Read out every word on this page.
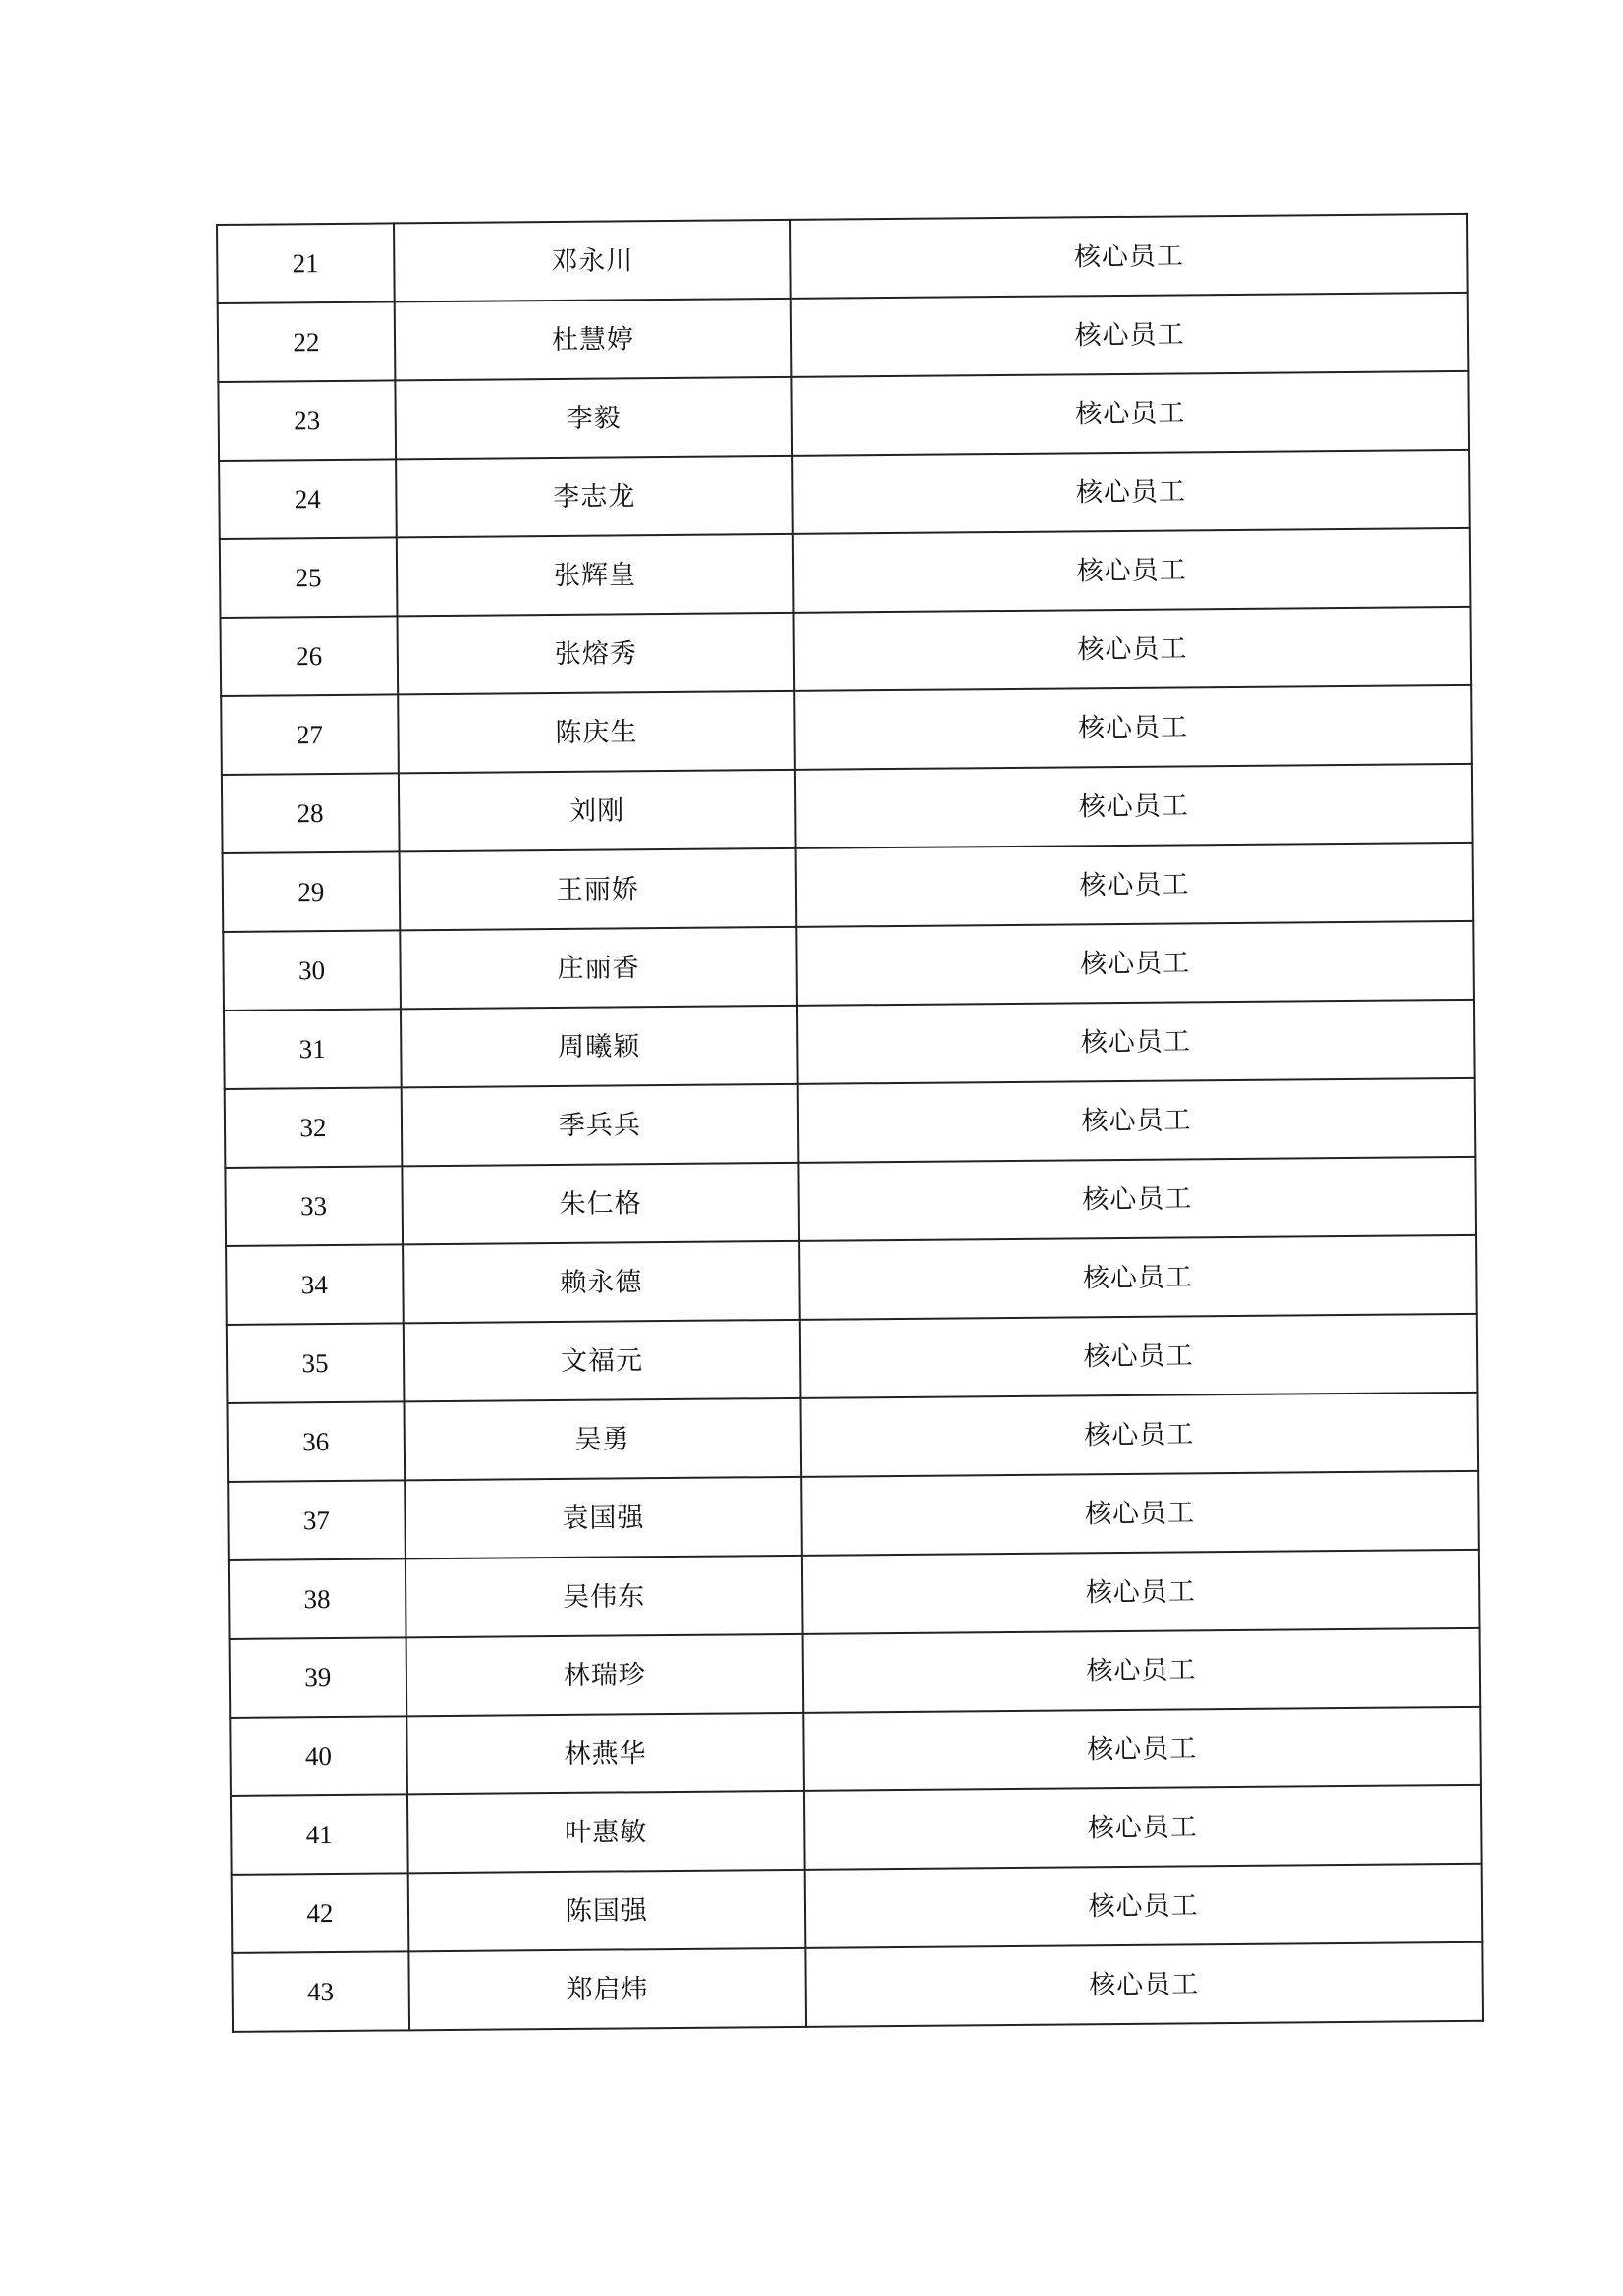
21	邓永川	核心员工
22	杜慧婷	核心员工
23	李毅	核心员工
24	李志龙	核心员工
25	张辉皇	核心员工
26	张熔秀	核心员工
27	陈庆生	核心员工
28	刘刚	核心员工
29	王丽娇	核心员工
30	庄丽香	核心员工
31	周曦颖	核心员工
32	季兵兵	核心员工
33	朱仁格	核心员工
34	赖永德	核心员工
35	文福元	核心员工
36	吴勇	核心员工
37	袁国强	核心员工
38	吴伟东	核心员工
39	林瑞珍	核心员工
40	林燕华	核心员工
41	叶惠敏	核心员工
42	陈国强	核心员工
43	郑启炜	核心员工
